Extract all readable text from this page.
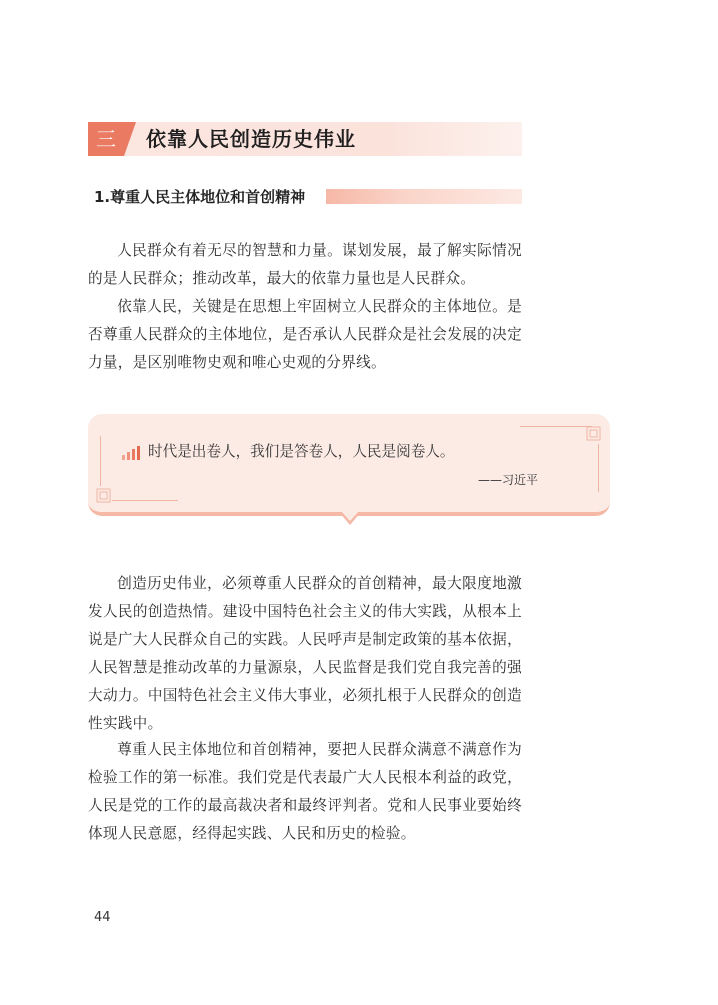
三	依靠人民创造历史伟业
1.尊重人民主体地位和首创精神

人民群众有着无尽的智慧和力量。谋划发展，最了解实际情况的是人民群众；推动改革，最大的依靠力量也是人民群众。

依靠人民，关键是在思想上牢固树立人民群众的主体地位。是否尊重人民群众的主体地位，是否承认人民群众是社会发展的决定力量，是区别唯物史观和唯心史观的分界线。

时代是出卷人，我们是答卷人，人民是阅卷人。
——习近平

创造历史伟业，必须尊重人民群众的首创精神，最大限度地激发人民的创造热情。建设中国特色社会主义的伟大实践，从根本上说是广大人民群众自己的实践。人民呼声是制定政策的基本依据，人民智慧是推动改革的力量源泉，人民监督是我们党自我完善的强大动力。中国特色社会主义伟大事业，必须扎根于人民群众的创造性实践中。

尊重人民主体地位和首创精神，要把人民群众满意不满意作为检验工作的第一标准。我们党是代表最广大人民根本利益的政党，人民是党的工作的最高裁决者和最终评判者。党和人民事业要始终体现人民意愿，经得起实践、人民和历史的检验。

44
